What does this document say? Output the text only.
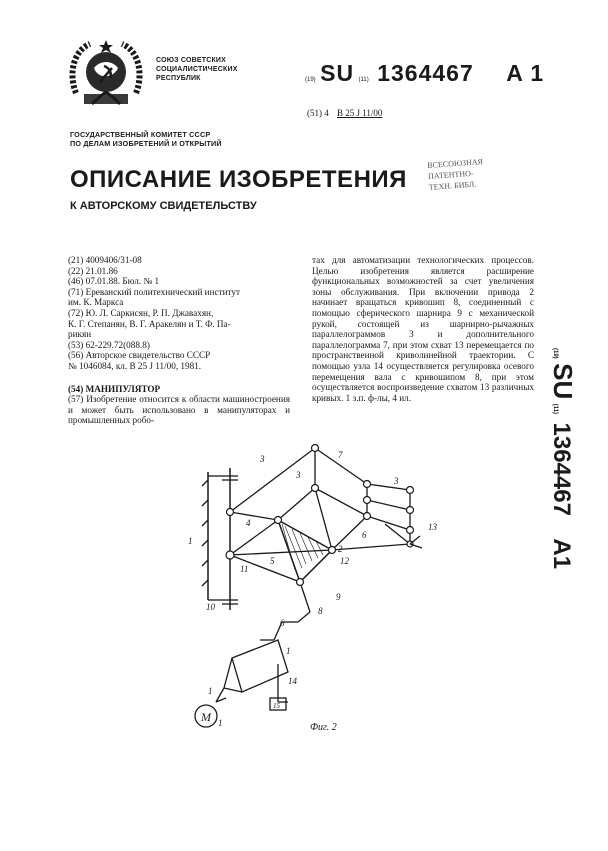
СОЮЗ СОВЕТСКИХ
СОЦИАЛИСТИЧЕСКИХ
РЕСПУБЛИК	(19) SU (11) 1364467 A 1
(51) 4 В 25 J 11/00
ГОСУДАРСТВЕННЫЙ КОМИТЕТ СССР
ПО ДЕЛАМ ИЗОБРЕТЕНИЙ И ОТКРЫТИЙ
ВСЕСОЮЗНАЯ
ПАТЕНТНО-
ТЕХН. БИБЛ.
ОПИСАНИЕ ИЗОБРЕТЕНИЯ
К АВТОРСКОМУ СВИДЕТЕЛЬСТВУ
(21) 4009406/31-08
(22) 21.01.86
(46) 07.01.88. Бюл. № 1
(71) Ереванский политехнический институт
им. К. Маркса
(72) Ю. Л. Саркисян, Р. П. Джавахян,
К. Г. Степанян, В. Г. Аракелян и Т. Ф. Па-
рикян
(53) 62-229.72(088.8)
(56) Авторское свидетельство СССР
№ 1046084, кл. В 25 J 11/00, 1981.
(54) МАНИПУЛЯТОР

(57) Изобретение относится к области машиностроения и может быть использовано в манипуляторах и промышленных робо-

тах для автоматизации технологических процессов. Целью изобретения является расширение функциональных возможностей за счет увеличения зоны обслуживания. При включении привода 2 начинает вращаться кривошип 8, соединенный с помощью сферического шарнира 9 с механической рукой, состоящей из шарнирно-рычажных параллелограммов 3 и дополнительного параллелограмма 7, при этом схват 13 перемещается по пространственной криволинейной траектории. С помощью узла 14 осуществляется регулировка осевого перемещения вала с кривошипом 8, при этом осуществляется воспроизведение схватом 13 различных кривых. 1 з.п. ф-лы, 4 ил.

(19) SU (11) 1364467 A1
M
3	7
3
4
5
6
2
1
11
10
12
13
9
8
6
1
14
1
15
1
3
Фиг. 2
